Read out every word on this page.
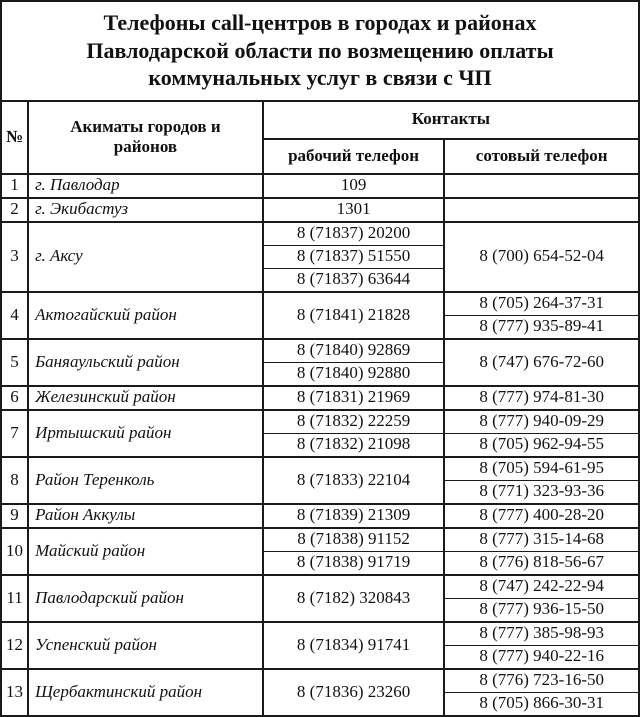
Телефоны call-центров в городах и районах Павлодарской области по возмещению оплаты коммунальных услуг в связи с ЧП
№	Акиматы городов и районов	Контакты	
		рабочий телефон	сотовый телефон
1	г. Павлодар	109	
2	г. Экибастуз	1301	
3	г. Аксу	8 (71837) 20200	8 (700) 654-52-04
		8 (71837) 51550	
		8 (71837) 63644	
4	Актогайский район	8 (71841) 21828	8 (705) 264-37-31
			8 (777) 935-89-41
5	Баняаульский район	8 (71840) 92869	8 (747) 676-72-60
		8 (71840) 92880	
6	Железинский район	8 (71831) 21969	8 (777) 974-81-30
7	Иртышский район	8 (71832) 22259	8 (777) 940-09-29
		8 (71832) 21098	8 (705) 962-94-55
8	Район Теренколь	8 (71833) 22104	8 (705) 594-61-95
			8 (771) 323-93-36
9	Район Аккулы	8 (71839) 21309	8 (777) 400-28-20
10	Майский район	8 (71838) 91152	8 (777) 315-14-68
		8 (71838) 91719	8 (776) 818-56-67
11	Павлодарский район	8 (7182) 320843	8 (747) 242-22-94
			8 (777) 936-15-50
12	Успенский район	8 (71834) 91741	8 (777) 385-98-93
			8 (777) 940-22-16
13	Щербактинский район	8 (71836) 23260	8 (776) 723-16-50
			8 (705) 866-30-31
